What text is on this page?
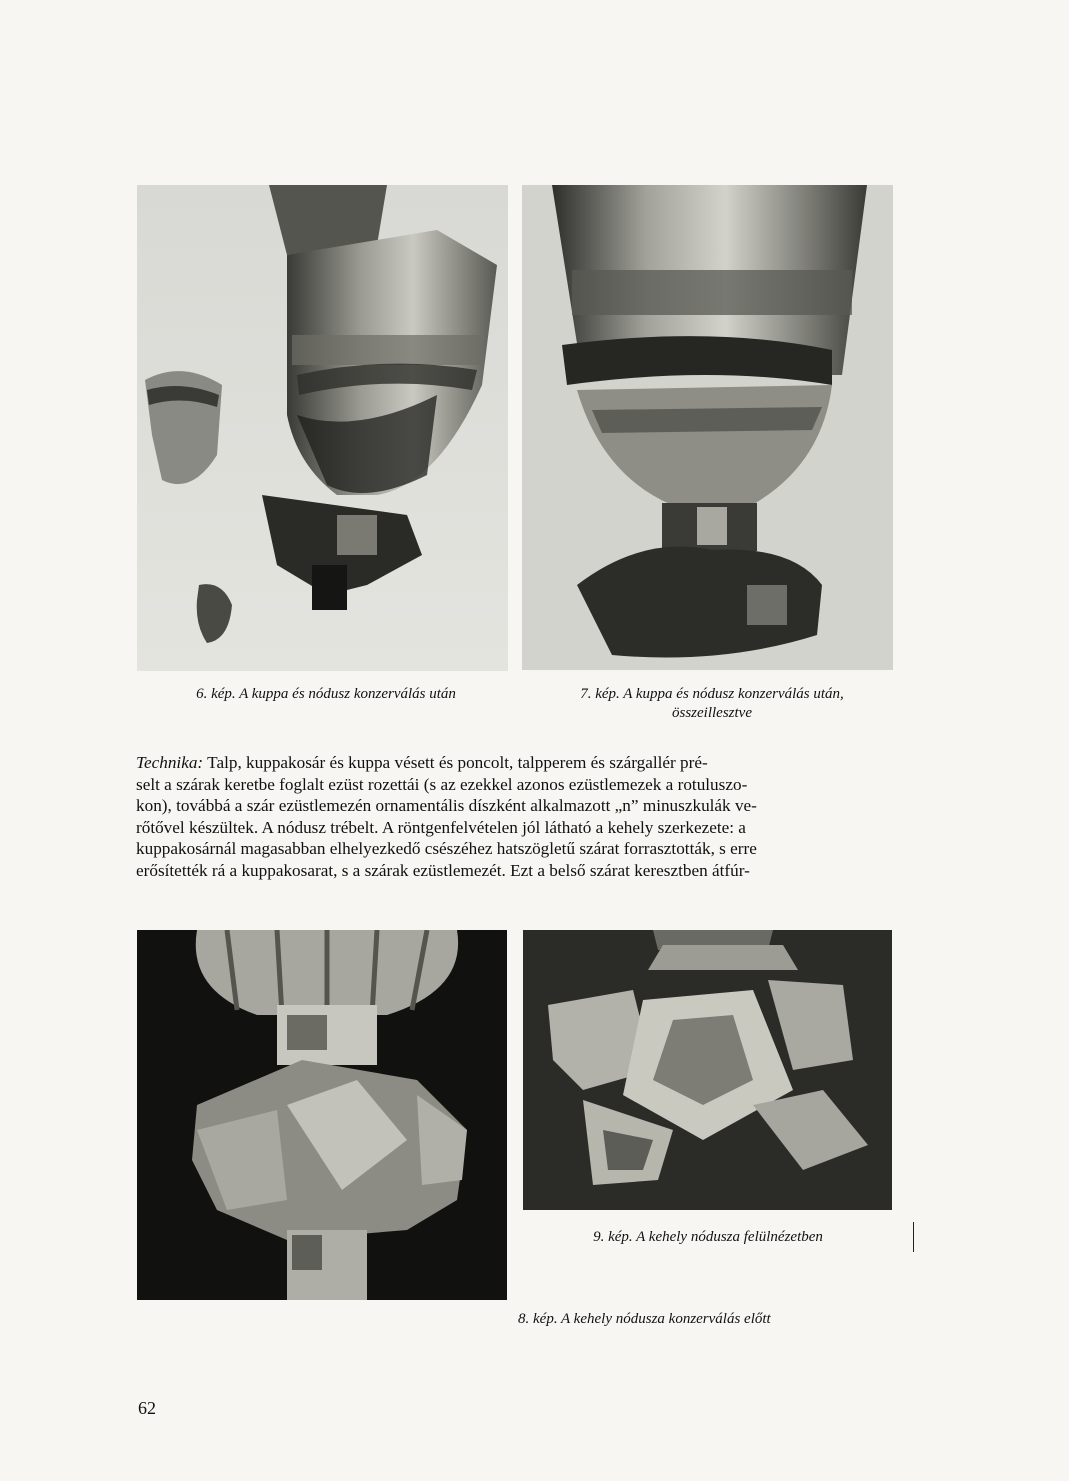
6. kép. A kuppa és nódusz konzerválás után	7. kép. A kuppa és nódusz konzerválás után,
összeillesztve
Technika: Talp, kuppakosár és kuppa vésett és poncolt, talpperem és szárgallér pré-
selt a szárak keretbe foglalt ezüst rozettái (s az ezekkel azonos ezüstlemezek a rotuluszo-
kon), továbbá a szár ezüstlemezén ornamentális díszként alkalmazott „n” minuszkulák ve-
rőtővel készültek. A nódusz trébelt. A röntgenfelvételen jól látható a kehely szerkezete: a
kuppakosárnál magasabban elhelyezkedő csészéhez hatszögletű szárat forrasztották, s erre
erősítették rá a kuppakosarat, s a szárak ezüstlemezét. Ezt a belső szárat keresztben átfúr-
8. kép. A kehely nódusza konzerválás előtt
9. kép. A kehely nódusza felülnézetben
62
